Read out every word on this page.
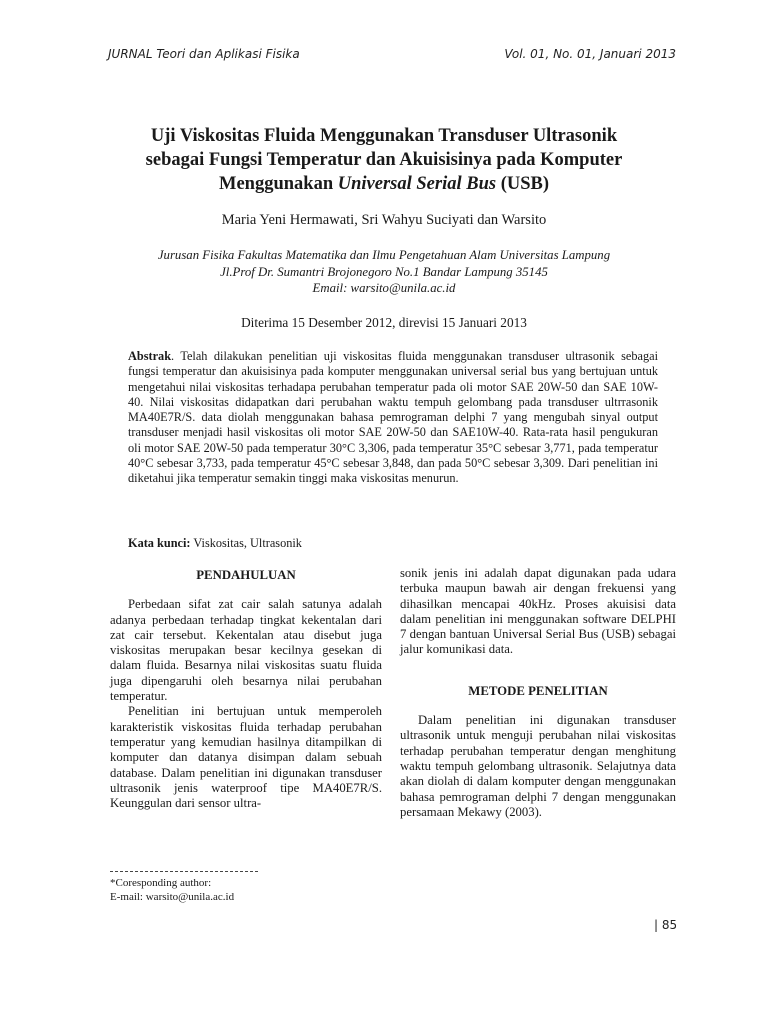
JURNAL Teori dan Aplikasi Fisika	Vol. 01, No. 01, Januari 2013
Uji Viskositas Fluida Menggunakan Transduser Ultrasonik
sebagai Fungsi Temperatur dan Akuisisinya pada Komputer
Menggunakan Universal Serial Bus (USB)
Maria Yeni Hermawati, Sri Wahyu Suciyati dan Warsito
Jurusan Fisika Fakultas Matematika dan Ilmu Pengetahuan Alam Universitas Lampung
Jl.Prof Dr. Sumantri Brojonegoro No.1 Bandar Lampung 35145
Email: warsito@unila.ac.id
Diterima 15 Desember 2012, direvisi 15 Januari 2013
Abstrak. Telah dilakukan penelitian uji viskositas fluida menggunakan transduser ultrasonik sebagai fungsi temperatur dan akuisisinya pada komputer menggunakan universal serial bus yang bertujuan untuk mengetahui nilai viskositas terhadapa perubahan temperatur pada oli motor SAE 20W-50 dan SAE 10W-40. Nilai viskositas didapatkan dari perubahan waktu tempuh gelombang pada transduser ultrrasonik MA40E7R/S. data diolah menggunakan bahasa pemrograman delphi 7 yang mengubah sinyal output transduser menjadi hasil viskositas oli motor SAE 20W-50 dan SAE10W-40. Rata-rata hasil pengukuran oli motor SAE 20W-50 pada temperatur 30°C 3,306, pada temperatur 35°C sebesar 3,771, pada temperatur 40°C sebesar 3,733, pada temperatur 45°C sebesar 3,848, dan pada 50°C sebesar 3,309. Dari penelitian ini diketahui jika temperatur semakin tinggi maka viskositas menurun.
Kata kunci: Viskositas, Ultrasonik
PENDAHULUAN

Perbedaan sifat zat cair salah satunya adalah adanya perbedaan terhadap tingkat kekentalan dari zat cair tersebut. Kekentalan atau disebut juga viskositas merupakan besar kecilnya gesekan di dalam fluida. Besarnya nilai viskositas suatu fluida juga dipengaruhi oleh besarnya nilai perubahan temperatur.

Penelitian ini bertujuan untuk memperoleh karakteristik viskositas fluida terhadap perubahan temperatur yang kemudian hasilnya ditampilkan di komputer dan datanya disimpan dalam sebuah database. Dalam penelitian ini digunakan transduser ultrasonik jenis waterproof tipe MA40E7R/S. Keunggulan dari sensor ultra-

sonik jenis ini adalah dapat digunakan pada udara terbuka maupun bawah air dengan frekuensi yang dihasilkan mencapai 40kHz. Proses akuisisi data dalam penelitian ini menggunakan software DELPHI 7 dengan bantuan Universal Serial Bus (USB) sebagai jalur komunikasi data.

METODE PENELITIAN

Dalam penelitian ini digunakan transduser ultrasonik untuk menguji perubahan nilai viskositas terhadap perubahan temperatur dengan menghitung waktu tempuh gelombang ultrasonik. Selajutnya data akan diolah di dalam komputer dengan menggunakan bahasa pemrograman delphi 7 dengan menggunakan persamaan Mekawy (2003).

*Coresponding author:
E-mail: warsito@unila.ac.id
| 85
